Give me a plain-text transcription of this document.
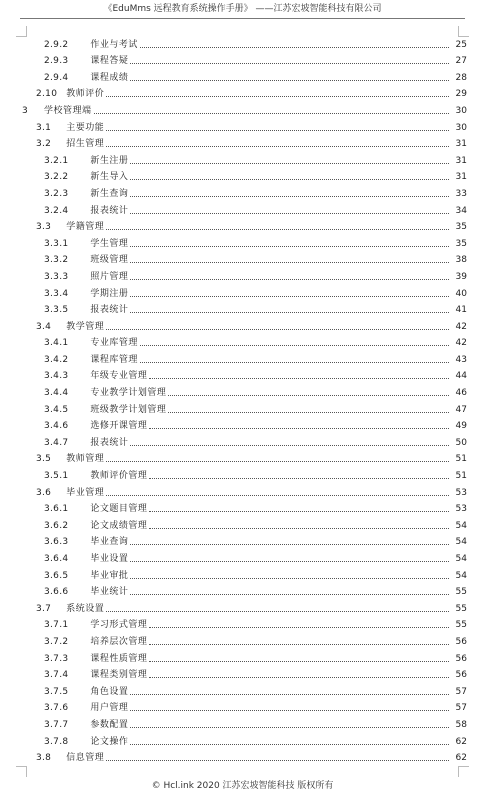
《EduMms 远程教育系统操作手册》 ——江苏宏坡智能科技有限公司
2.9.2 作业与考试	25
2.9.3 课程答疑	27
2.9.4 课程成绩	28
2.10 教师评价	29
3 学校管理端	30
3.1 主要功能	30
3.2 招生管理	31
3.2.1 新生注册	31
3.2.2 新生导入	31
3.2.3 新生查询	33
3.2.4 报表统计	34
3.3 学籍管理	35
3.3.1 学生管理	35
3.3.2 班级管理	38
3.3.3 照片管理	39
3.3.4 学期注册	40
3.3.5 报表统计	41
3.4 教学管理	42
3.4.1 专业库管理	42
3.4.2 课程库管理	43
3.4.3 年级专业管理	44
3.4.4 专业教学计划管理	46
3.4.5 班级教学计划管理	47
3.4.6 选修开课管理	49
3.4.7 报表统计	50
3.5 教师管理	51
3.5.1 教师评价管理	51
3.6 毕业管理	53
3.6.1 论文题目管理	53
3.6.2 论文成绩管理	54
3.6.3 毕业查询	54
3.6.4 毕业设置	54
3.6.5 毕业审批	54
3.6.6 毕业统计	55
3.7 系统设置	55
3.7.1 学习形式管理	55
3.7.2 培养层次管理	56
3.7.3 课程性质管理	56
3.7.4 课程类别管理	56
3.7.5 角色设置	57
3.7.6 用户管理	57
3.7.7 参数配置	58
3.7.8 论文操作	62
3.8 信息管理	62
© Hcl.ink 2020 江苏宏坡智能科技 版权所有
